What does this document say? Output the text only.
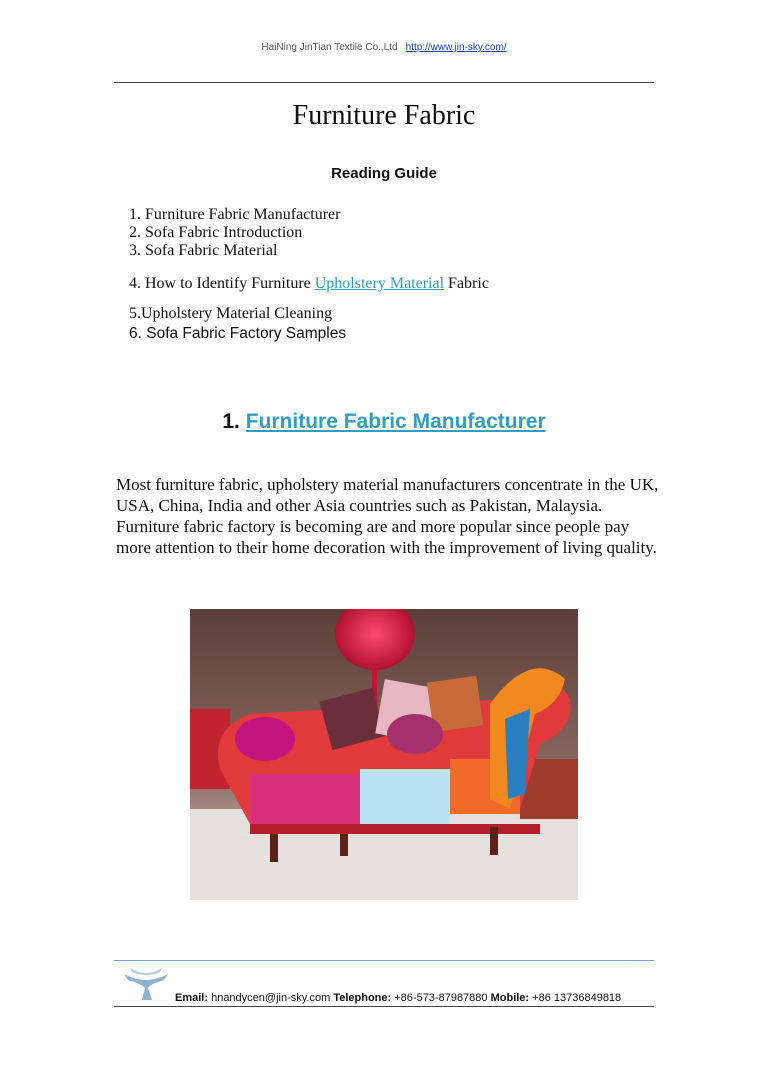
HaiNing JinTian Textile Co.,Ltd http://www.jin-sky.com/
Furniture Fabric
Reading Guide
1. Furniture Fabric Manufacturer
2. Sofa Fabric Introduction
3. Sofa Fabric Material
4. How to Identify Furniture Upholstery Material Fabric
5.Upholstery Material Cleaning
6. Sofa Fabric Factory Samples
1. Furniture Fabric Manufacturer
Most furniture fabric, upholstery material manufacturers concentrate in the UK, USA, China, India and other Asia countries such as Pakistan, Malaysia. Furniture fabric factory is becoming are and more popular since people pay more attention to their home decoration with the improvement of living quality.
Email: hnandycen@jin-sky.com Telephone: +86-573-87987880 Mobile: +86 13736849818
